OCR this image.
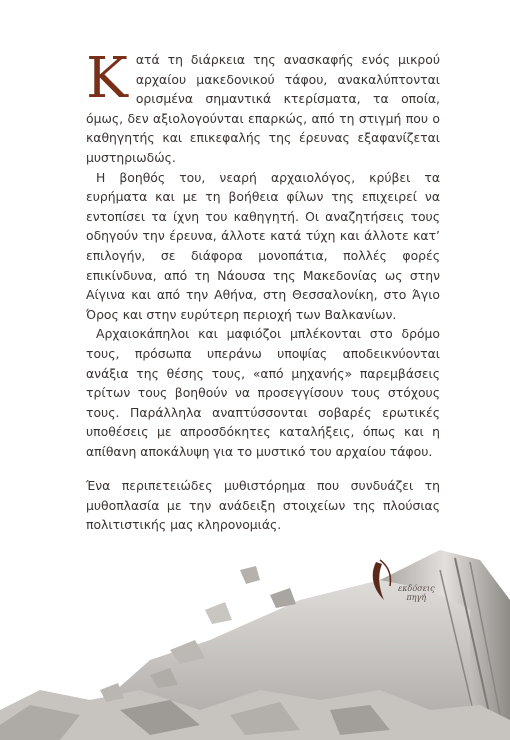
Κατά τη διάρκεια της ανασκαφής ενός μικρού αρχαίου μακεδονικού τάφου, ανακαλύπτονται ορισμένα σημαντικά κτερίσματα, τα οποία, όμως, δεν αξιολογούνται επαρκώς, από τη στιγμή που ο καθηγητής και επικεφαλής της έρευνας εξαφανίζεται μυστηριωδώς.

Η βοηθός του, νεαρή αρχαιολόγος, κρύβει τα ευρήματα και με τη βοήθεια φίλων της επιχειρεί να εντοπίσει τα ίχνη του καθηγητή. Οι αναζητήσεις τους οδηγούν την έρευνα, άλλοτε κατά τύχη και άλλοτε κατ’ επιλογήν, σε διάφορα μονοπάτια, πολλές φορές επικίνδυνα, από τη Νάουσα της Μακεδονίας ως στην Αίγινα και από την Αθήνα, στη Θεσσαλονίκη, στο Άγιο Όρος και στην ευρύτερη περιοχή των Βαλκανίων.

Αρχαιοκάπηλοι και μαφιόζοι μπλέκονται στο δρόμο τους, πρόσωπα υπεράνω υποψίας αποδεικνύονται ανάξια της θέσης τους, «από μηχανής» παρεμβάσεις τρίτων τους βοηθούν να προσεγγίσουν τους στόχους τους. Παράλληλα αναπτύσσονται σοβαρές ερωτικές υποθέσεις με απροσδόκητες καταλήξεις, όπως και η απίθανη αποκάλυψη για το μυστικό του αρχαίου τάφου.

Ένα περιπετειώδες μυθιστόρημα που συνδυάζει τη μυθοπλασία με την ανάδειξη στοιχείων της πλούσιας πολιτιστικής μας κληρονομιάς.

εκδόσεις
πηγή
